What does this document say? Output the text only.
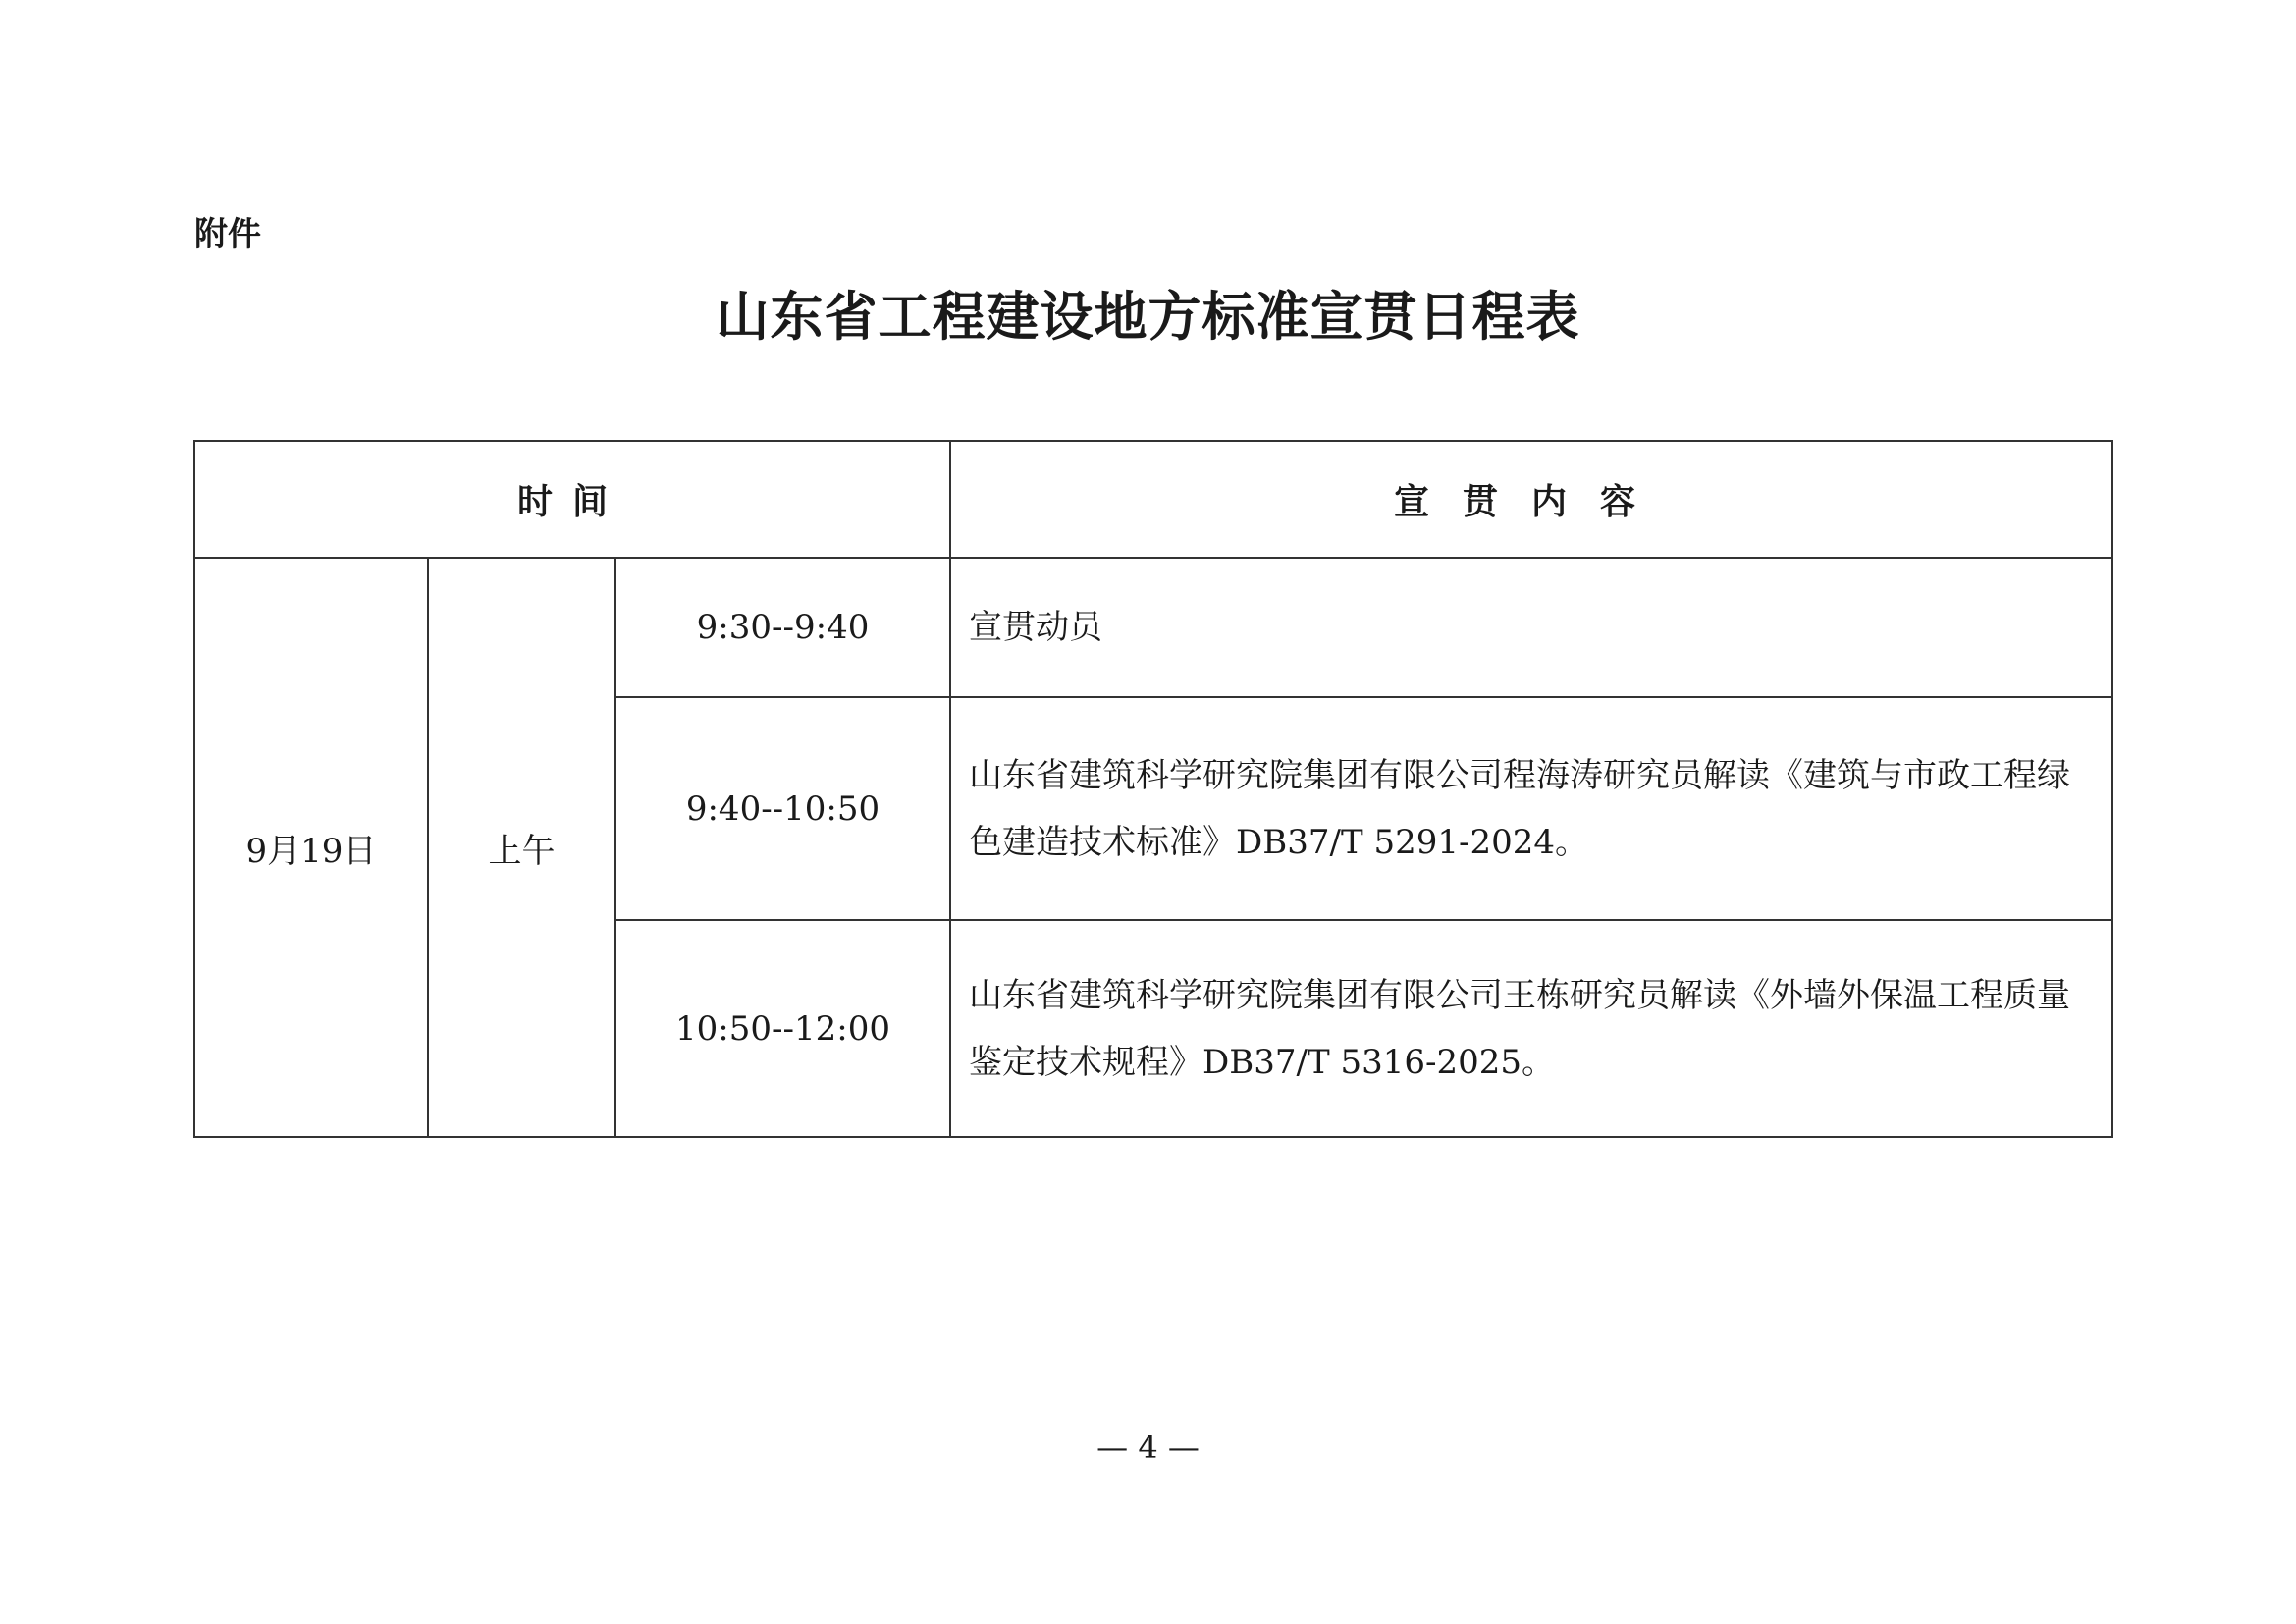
附件
山东省工程建设地方标准宣贯日程表
时间			宣贯内容
9月19日	上午	9:30--9:40	宣贯动员
		9:40--10:50	山东省建筑科学研究院集团有限公司程海涛研究员解读《建筑与市政工程绿色建造技术标准》DB37/T 5291-2024。
		10:50--12:00	山东省建筑科学研究院集团有限公司王栋研究员解读《外墙外保温工程质量鉴定技术规程》DB37/T 5316-2025。
— 4 —
